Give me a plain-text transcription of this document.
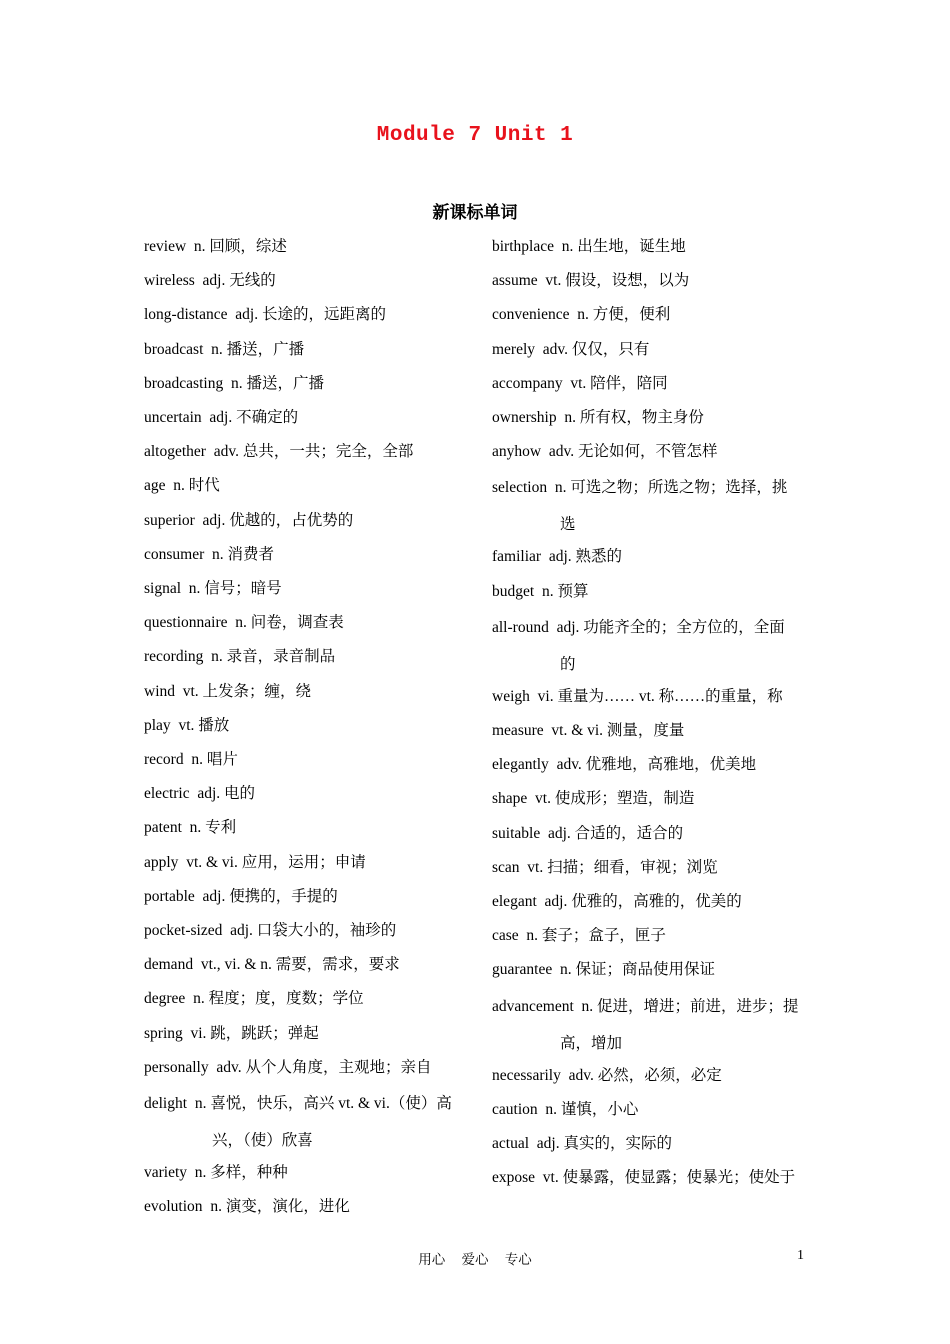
Module 7 Unit 1
新课标单词
review n. 回顾，综述
wireless adj. 无线的
long-distance adj. 长途的，远距离的
broadcast n. 播送，广播
broadcasting n. 播送，广播
uncertain adj. 不确定的
altogether adv. 总共，一共；完全，全部
age n. 时代
superior adj. 优越的，占优势的
consumer n. 消费者
signal n. 信号；暗号
questionnaire n. 问卷，调查表
recording n. 录音，录音制品
wind vt. 上发条；缠，绕
play vt. 播放
record n. 唱片
electric adj. 电的
patent n. 专利
apply vt. & vi. 应用，运用；申请
portable adj. 便携的，手提的
pocket-sized adj. 口袋大小的，袖珍的
demand vt., vi. & n. 需要，需求，要求
degree n. 程度；度，度数；学位
spring vi. 跳，跳跃；弹起
personally adv. 从个人角度，主观地；亲自
delight n. 喜悦，快乐，高兴 vt. & vi.（使）高
兴，（使）欣喜
variety n. 多样，种种
evolution n. 演变，演化，进化
birthplace n. 出生地，诞生地
assume vt. 假设，设想，以为
convenience n. 方便，便利
merely adv. 仅仅，只有
accompany vt. 陪伴，陪同
ownership n. 所有权，物主身份
anyhow adv. 无论如何，不管怎样
selection n. 可选之物；所选之物；选择，挑
选
familiar adj. 熟悉的
budget n. 预算
all-round adj. 功能齐全的；全方位的，全面
的
weigh vi. 重量为…… vt. 称……的重量，称
measure vt. & vi. 测量，度量
elegantly adv. 优雅地，高雅地，优美地
shape vt. 使成形；塑造，制造
suitable adj. 合适的，适合的
scan vt. 扫描；细看，审视；浏览
elegant adj. 优雅的，高雅的，优美的
case n. 套子；盒子，匣子
guarantee n. 保证；商品使用保证
advancement n. 促进，增进；前进，进步；提
高，增加
necessarily adv. 必然，必须，必定
caution n. 谨慎，小心
actual adj. 真实的，实际的
expose vt. 使暴露，使显露；使暴光；使处于
用心 爱心 专心	1
